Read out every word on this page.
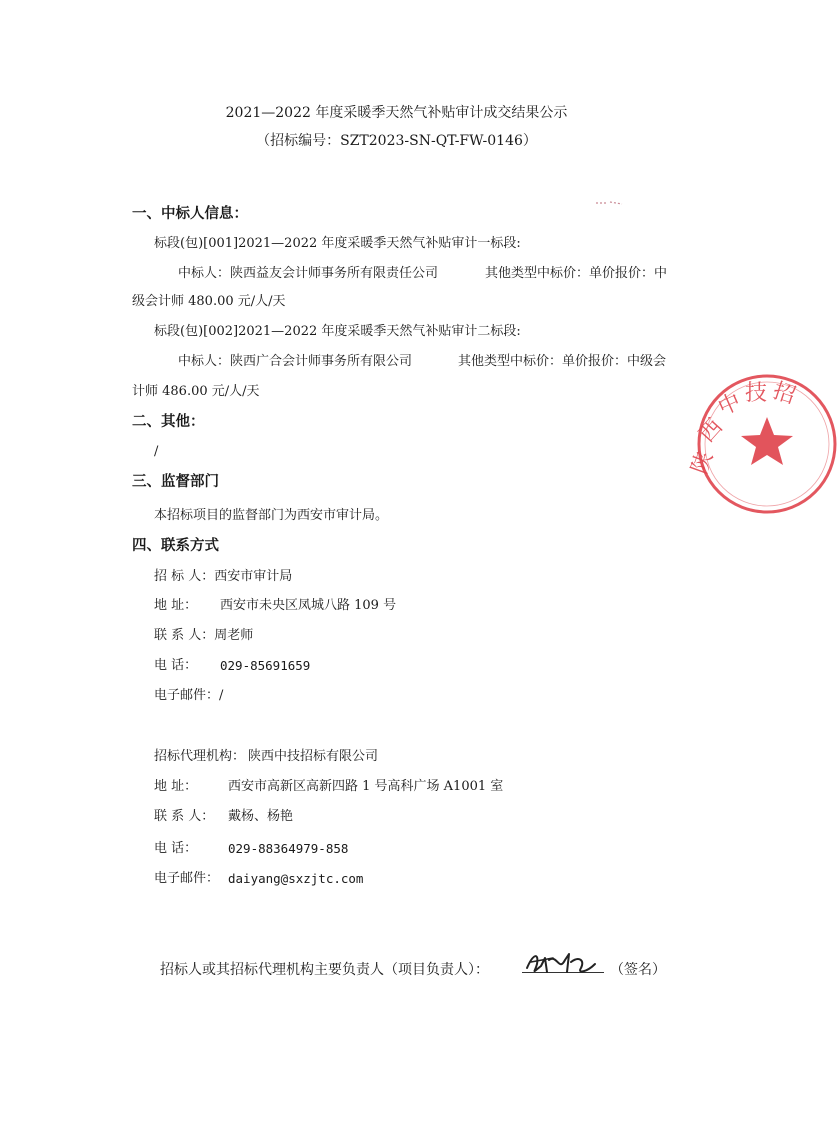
2021—2022 年度采暖季天然气补贴审计成交结果公示
（招标编号：SZT2023-SN-QT-FW-0146）
一、中标人信息：
标段(包)[001]2021—2022 年度采暖季天然气补贴审计一标段:
中标人：陕西益友会计师事务所有限责任公司	其他类型中标价：单价报价：中
级会计师 480.00 元/人/天
标段(包)[002]2021—2022 年度采暖季天然气补贴审计二标段:
中标人：陕西广合会计师事务所有限公司	其他类型中标价：单价报价：中级会
计师 486.00 元/人/天
二、其他：
/
三、监督部门
本招标项目的监督部门为西安市审计局。
四、联系方式
招 标 人：西安市审计局
地 址： 西安市未央区凤城八路 109 号
联 系 人：周老师
电 话： 029-85691659
电子邮件：/
招标代理机构： 陕西中技招标有限公司
地 址： 西安市高新区高新四路 1 号高科广场 A1001 室
联 系 人： 戴杨、杨艳
电 话： 029-88364979-858
电子邮件： daiyang@sxzjtc.com
招标人或其招标代理机构主要负责人（项目负责人）：	（签名）
陕
西
中 技 招
